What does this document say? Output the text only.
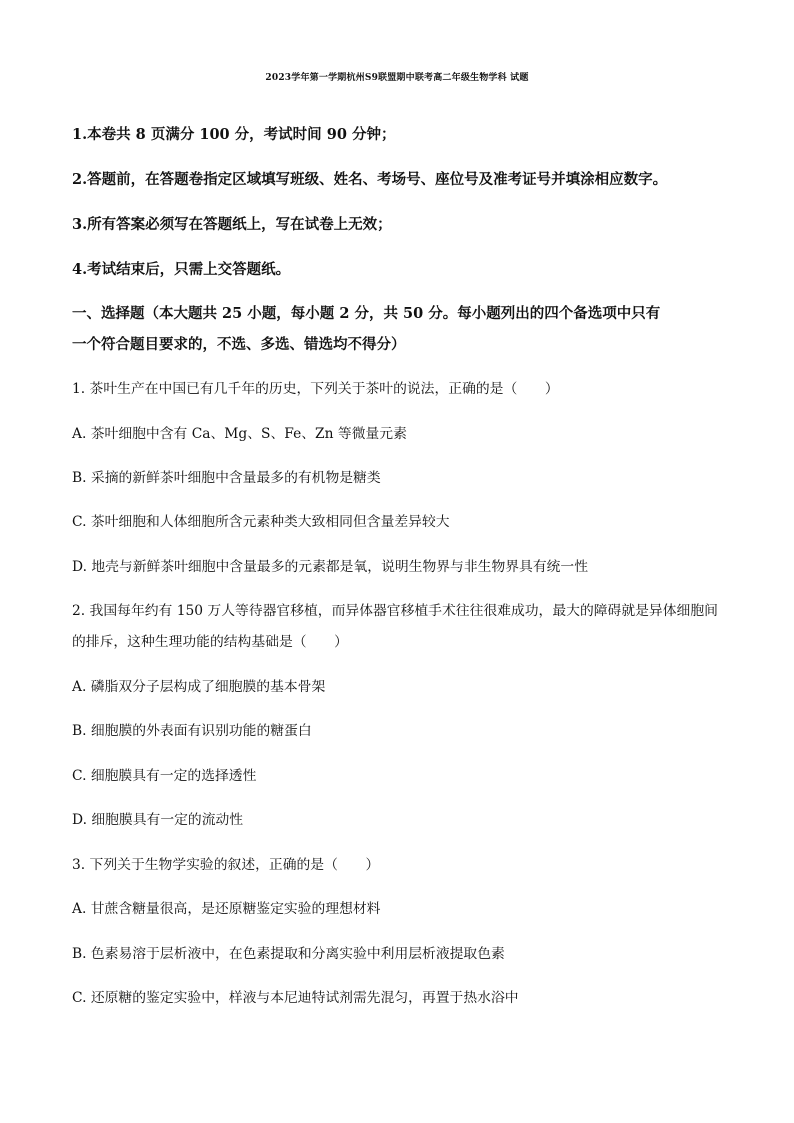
2023学年第一学期杭州S9联盟期中联考高二年级生物学科 试题
1.本卷共 8 页满分 100 分，考试时间 90 分钟；
2.答题前，在答题卷指定区域填写班级、姓名、考场号、座位号及准考证号并填涂相应数字。
3.所有答案必须写在答题纸上，写在试卷上无效；
4.考试结束后，只需上交答题纸。
一、选择题（本大题共 25 小题，每小题 2 分，共 50 分。每小题列出的四个备选项中只有
一个符合题目要求的，不选、多选、错选均不得分）
1. 茶叶生产在中国已有几千年的历史，下列关于茶叶的说法，正确的是（　　）
A. 茶叶细胞中含有 Ca、Mg、S、Fe、Zn 等微量元素
B. 采摘的新鲜茶叶细胞中含量最多的有机物是糖类
C. 茶叶细胞和人体细胞所含元素种类大致相同但含量差异较大
D. 地壳与新鲜茶叶细胞中含量最多的元素都是氧，说明生物界与非生物界具有统一性
2. 我国每年约有 150 万人等待器官移植，而异体器官移植手术往往很难成功，最大的障碍就是异体细胞间
的排斥，这种生理功能的结构基础是（　　）
A. 磷脂双分子层构成了细胞膜的基本骨架
B. 细胞膜的外表面有识别功能的糖蛋白
C. 细胞膜具有一定的选择透性
D. 细胞膜具有一定的流动性
3. 下列关于生物学实验的叙述，正确的是（　　）
A. 甘蔗含糖量很高，是还原糖鉴定实验的理想材料
B. 色素易溶于层析液中，在色素提取和分离实验中利用层析液提取色素
C. 还原糖的鉴定实验中，样液与本尼迪特试剂需先混匀，再置于热水浴中
